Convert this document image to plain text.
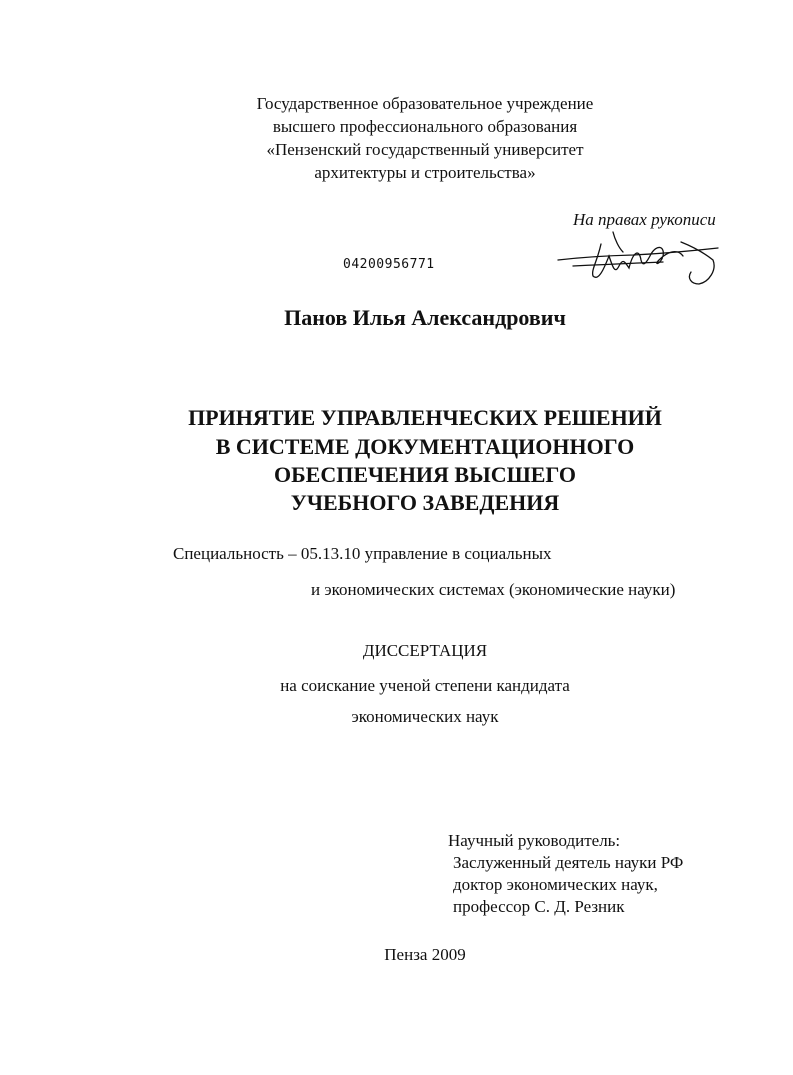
Государственное образовательное учреждение
высшего профессионального образования
«Пензенский государственный университет
архитектуры и строительства»
На правах рукописи
04200956771
Панов Илья Александрович
ПРИНЯТИЕ УПРАВЛЕНЧЕСКИХ РЕШЕНИЙ
В СИСТЕМЕ ДОКУМЕНТАЦИОННОГО
ОБЕСПЕЧЕНИЯ ВЫСШЕГО
УЧЕБНОГО ЗАВЕДЕНИЯ
Специальность – 05.13.10 управление в социальных
и экономических системах (экономические науки)
ДИССЕРТАЦИЯ
на соискание ученой степени кандидата
экономических наук
Научный руководитель:
Заслуженный деятель науки РФ
доктор экономических наук,
профессор С. Д. Резник
Пенза 2009
